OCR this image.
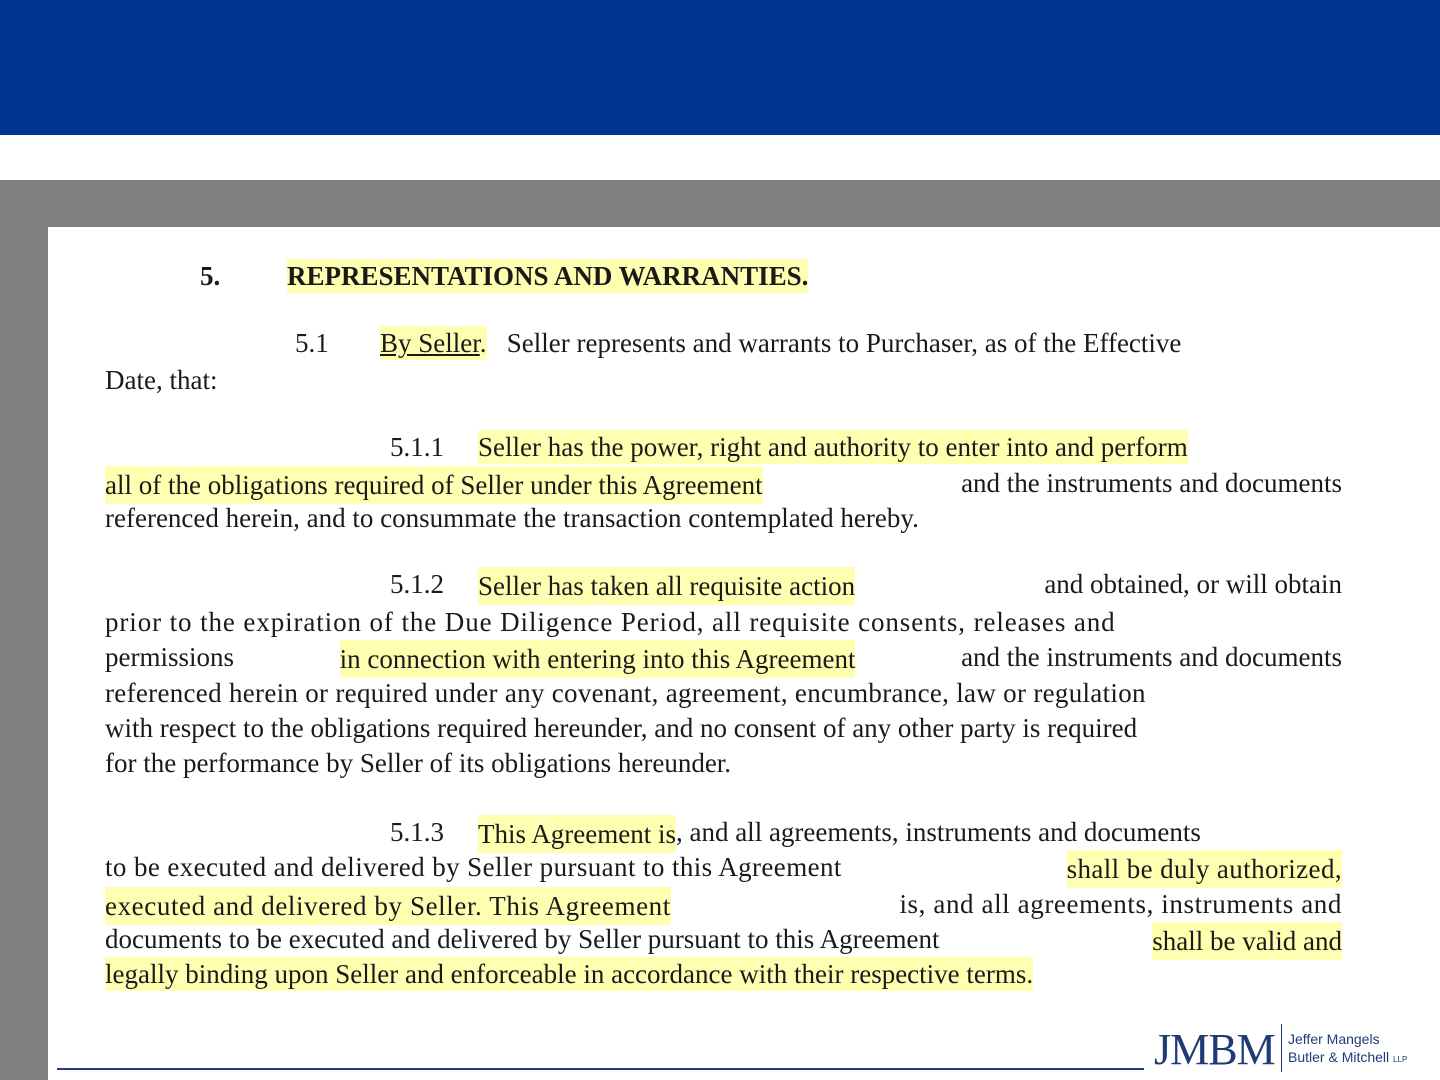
5. REPRESENTATIONS AND WARRANTIES.
5.1 By Seller. Seller represents and warrants to Purchaser, as of the Effective
Date, that:
5.1.1 Seller has the power, right and authority to enter into and perform
all of the obligations required of Seller under this Agreement	and the instruments and documents
referenced herein, and to consummate the transaction contemplated hereby.
5.1.2 Seller has taken all requisite action	and obtained, or will obtain
prior to the expiration of the Due Diligence Period, all requisite consents, releases and
permissions	in connection with entering into this Agreement	and the instruments and documents
referenced herein or required under any covenant, agreement, encumbrance, law or regulation
with respect to the obligations required hereunder, and no consent of any other party is required
for the performance by Seller of its obligations hereunder.
5.1.3 This Agreement is , and all agreements, instruments and documents
to be executed and delivered by Seller pursuant to this Agreement	shall be duly authorized,
executed and delivered by Seller. This Agreement	is, and all agreements, instruments and
documents to be executed and delivered by Seller pursuant to this Agreement	shall be valid and
legally binding upon Seller and enforceable in accordance with their respective terms.
JMBM Jeffer Mangels
Butler & Mitchell LLP
